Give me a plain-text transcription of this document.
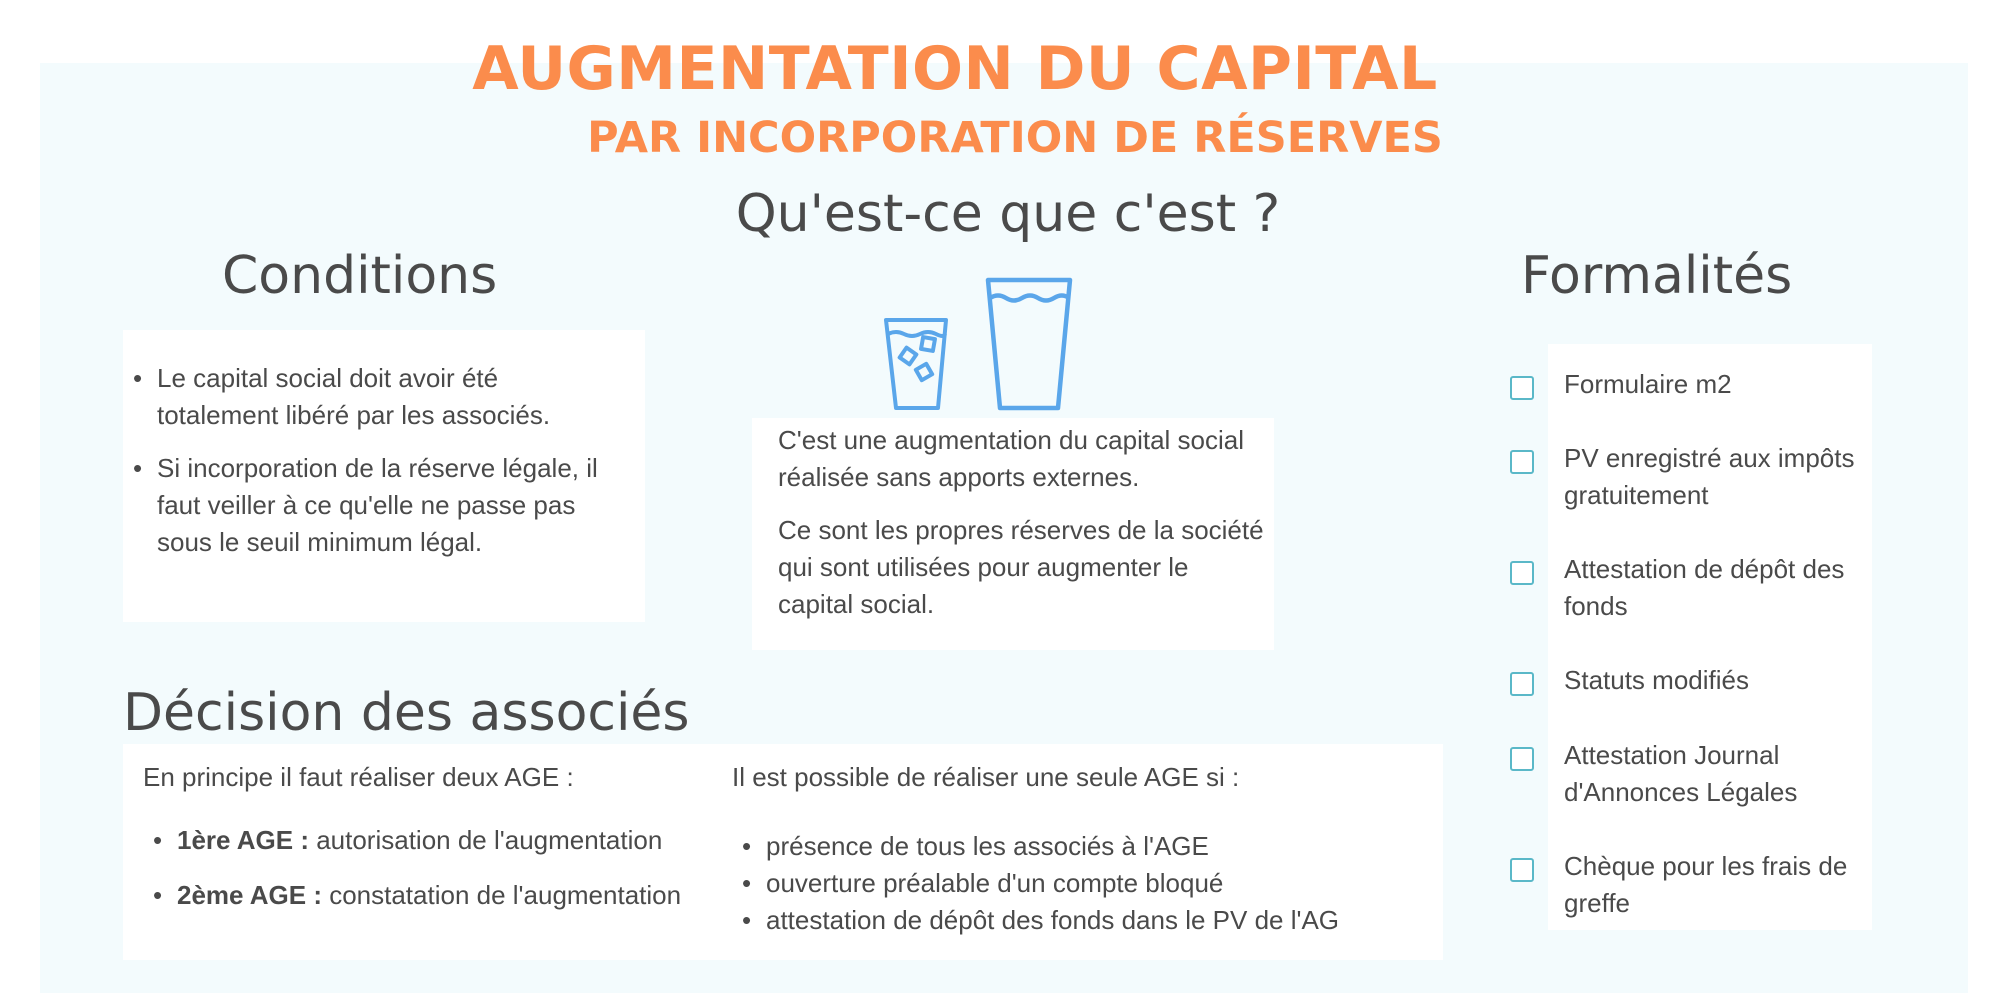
AUGMENTATION DU CAPITAL
PAR INCORPORATION DE RÉSERVES
Qu'est-ce que c'est ?

C'est une augmentation du capital social réalisée sans apports externes.

Ce sont les propres réserves de la société qui sont utilisées pour augmenter le capital social.

Conditions
• Le capital social doit avoir été totalement libéré par les associés.
• Si incorporation de la réserve légale, il faut veiller à ce qu'elle ne passe pas sous le seuil minimum légal.
Formalités
Formulaire m2
PV enregistré aux impôts gratuitement
Attestation de dépôt des fonds
Statuts modifiés
Attestation Journal d'Annonces Légales
Chèque pour les frais de greffe
Décision des associés
En principe il faut réaliser deux AGE :
• 1ère AGE : autorisation de l'augmentation
• 2ème AGE : constatation de l'augmentation
Il est possible de réaliser une seule AGE si :
• présence de tous les associés à l'AGE
• ouverture préalable d'un compte bloqué
• attestation de dépôt des fonds dans le PV de l'AG
